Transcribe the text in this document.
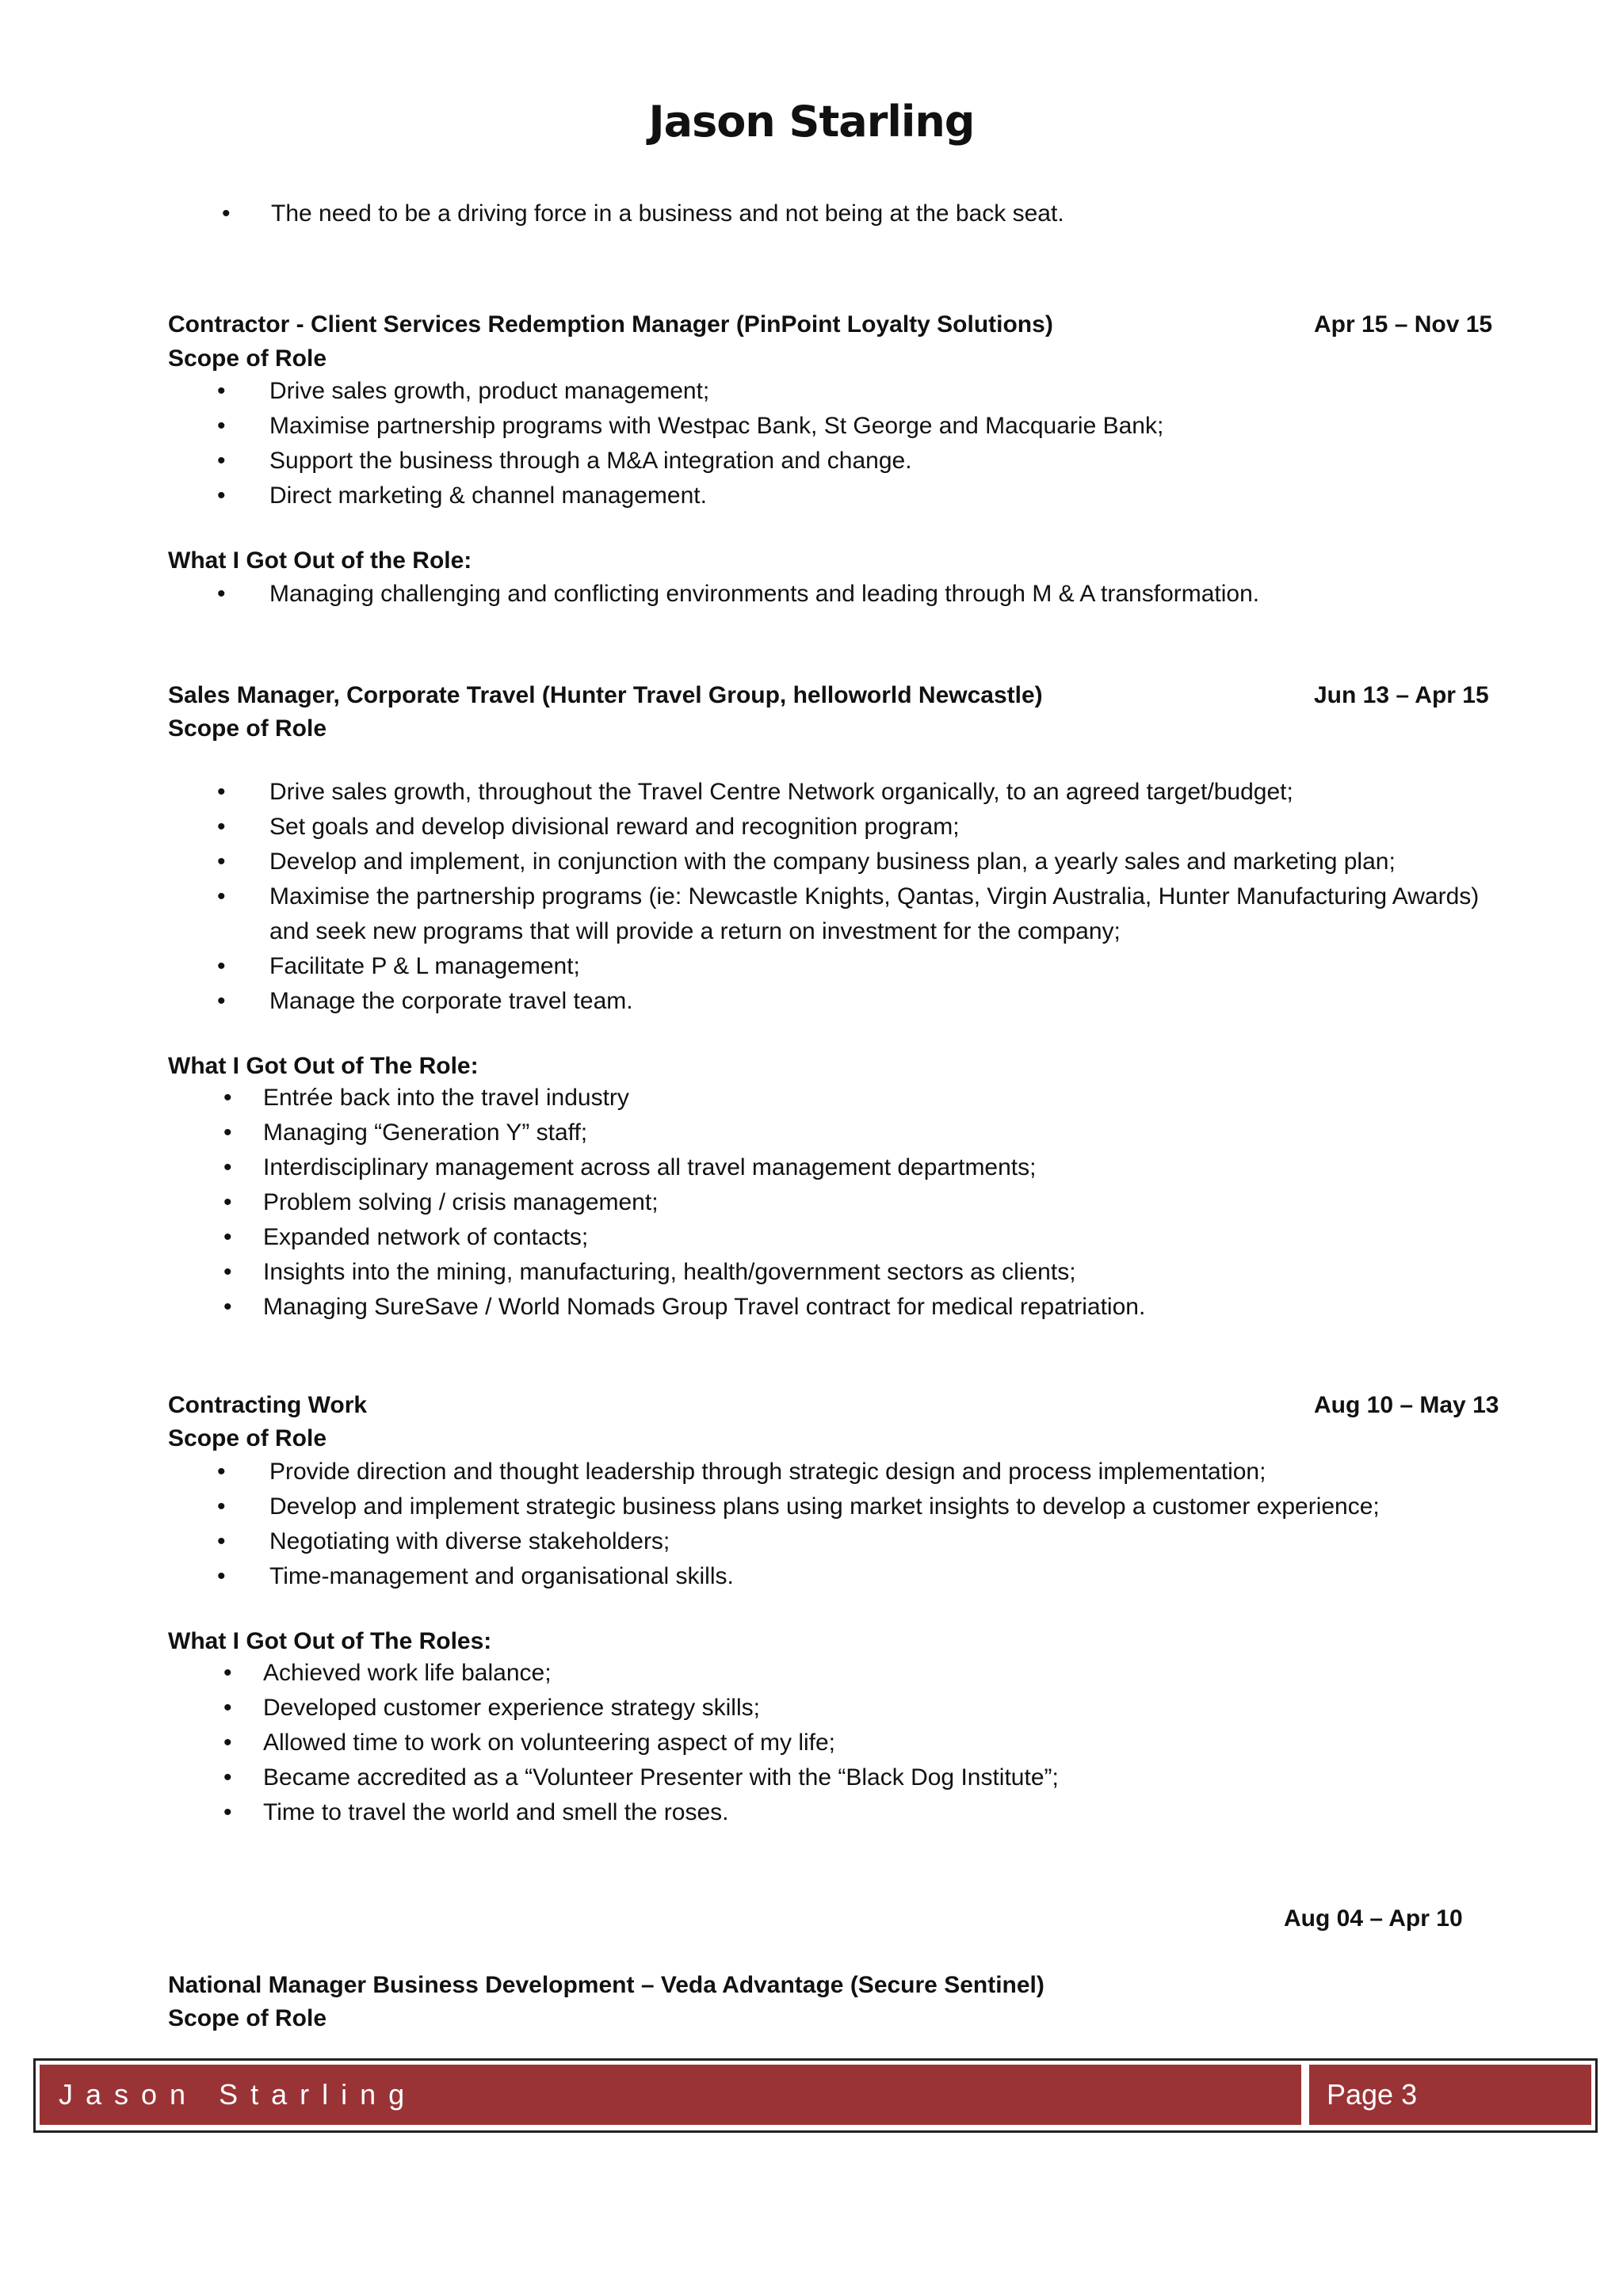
Jason Starling
• The need to be a driving force in a business and not being at the back seat.
Contractor - Client Services Redemption Manager (PinPoint Loyalty Solutions)	Apr 15 – Nov 15
Scope of Role
• Drive sales growth, product management;
• Maximise partnership programs with Westpac Bank, St George and Macquarie Bank;
• Support the business through a M&A integration and change.
• Direct marketing & channel management.
What I Got Out of the Role:
• Managing challenging and conflicting environments and leading through M & A transformation.
Sales Manager, Corporate Travel (Hunter Travel Group, helloworld Newcastle)	Jun 13 – Apr 15
Scope of Role
• Drive sales growth, throughout the Travel Centre Network organically, to an agreed target/budget;
• Set goals and develop divisional reward and recognition program;
• Develop and implement, in conjunction with the company business plan, a yearly sales and marketing plan;
• Maximise the partnership programs (ie: Newcastle Knights, Qantas, Virgin Australia, Hunter Manufacturing Awards) and seek new programs that will provide a return on investment for the company;
• Facilitate P & L management;
• Manage the corporate travel team.
What I Got Out of The Role:
• Entrée back into the travel industry
• Managing “Generation Y” staff;
• Interdisciplinary management across all travel management departments;
• Problem solving / crisis management;
• Expanded network of contacts;
• Insights into the mining, manufacturing, health/government sectors as clients;
• Managing SureSave / World Nomads Group Travel contract for medical repatriation.
Contracting Work	Aug 10 – May 13
Scope of Role
• Provide direction and thought leadership through strategic design and process implementation;
• Develop and implement strategic business plans using market insights to develop a customer experience;
• Negotiating with diverse stakeholders;
• Time-management and organisational skills.
What I Got Out of The Roles:
• Achieved work life balance;
• Developed customer experience strategy skills;
• Allowed time to work on volunteering aspect of my life;
• Became accredited as a “Volunteer Presenter with the “Black Dog Institute”;
• Time to travel the world and smell the roses.
Aug 04 – Apr 10
National Manager Business Development – Veda Advantage (Secure Sentinel)
Scope of Role
Jason Starling	Page 3
